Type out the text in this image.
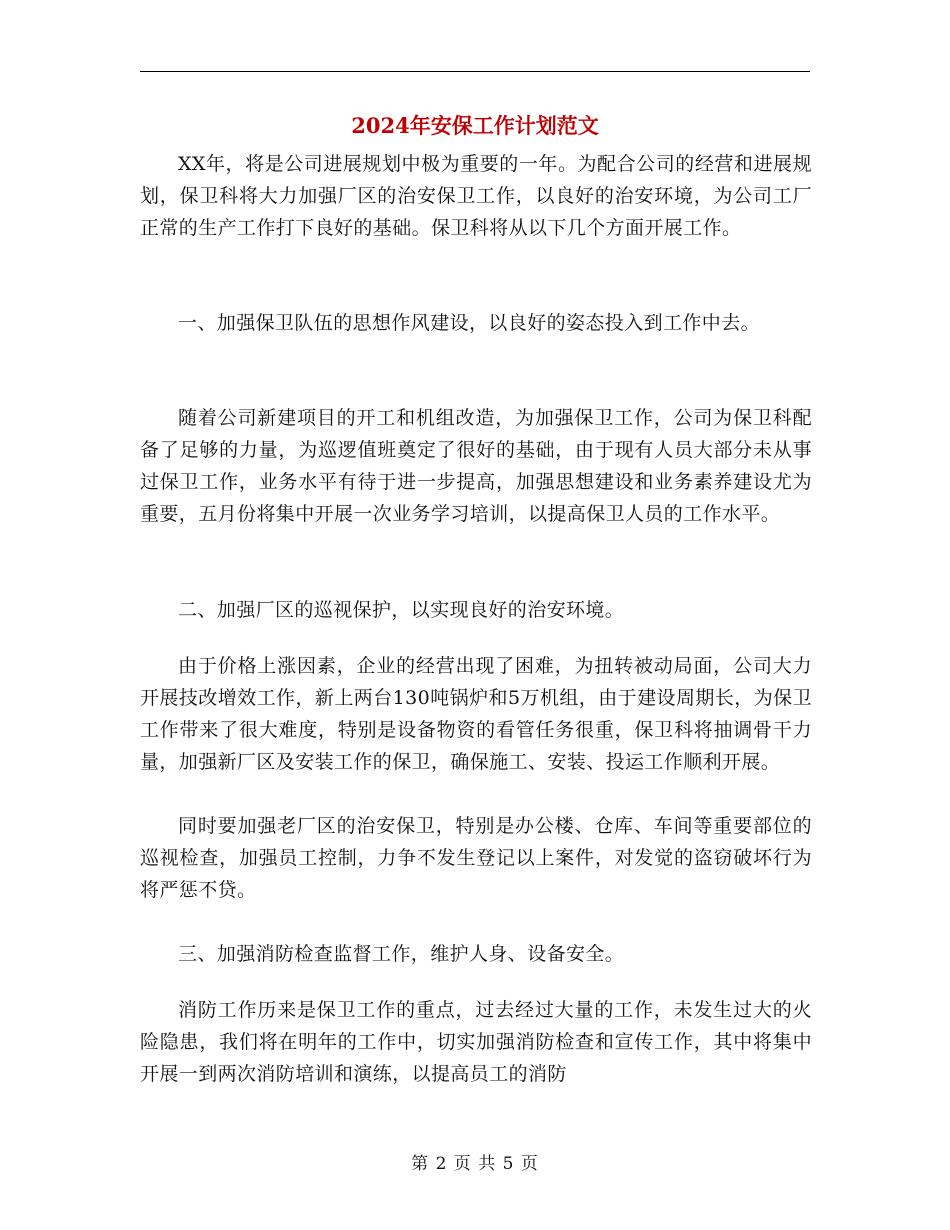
2024年安保工作计划范文

XX年，将是公司进展规划中极为重要的一年。为配合公司的经营和进展规划，保卫科将大力加强厂区的治安保卫工作，以良好的治安环境，为公司工厂正常的生产工作打下良好的基础。保卫科将从以下几个方面开展工作。

一、加强保卫队伍的思想作风建设，以良好的姿态投入到工作中去。

随着公司新建项目的开工和机组改造，为加强保卫工作，公司为保卫科配备了足够的力量，为巡逻值班奠定了很好的基础，由于现有人员大部分未从事过保卫工作，业务水平有待于进一步提高，加强思想建设和业务素养建设尤为重要，五月份将集中开展一次业务学习培训，以提高保卫人员的工作水平。

二、加强厂区的巡视保护，以实现良好的治安环境。

由于价格上涨因素，企业的经营出现了困难，为扭转被动局面，公司大力开展技改增效工作，新上两台130吨锅炉和5万机组，由于建设周期长，为保卫工作带来了很大难度，特别是设备物资的看管任务很重，保卫科将抽调骨干力量，加强新厂区及安装工作的保卫，确保施工、安装、投运工作顺利开展。

同时要加强老厂区的治安保卫，特别是办公楼、仓库、车间等重要部位的巡视检查，加强员工控制，力争不发生登记以上案件，对发觉的盗窃破坏行为将严惩不贷。

三、加强消防检查监督工作，维护人身、设备安全。

消防工作历来是保卫工作的重点，过去经过大量的工作，未发生过大的火险隐患，我们将在明年的工作中，切实加强消防检查和宣传工作，其中将集中开展一到两次消防培训和演练，以提高员工的消防

第 2 页 共 5 页
